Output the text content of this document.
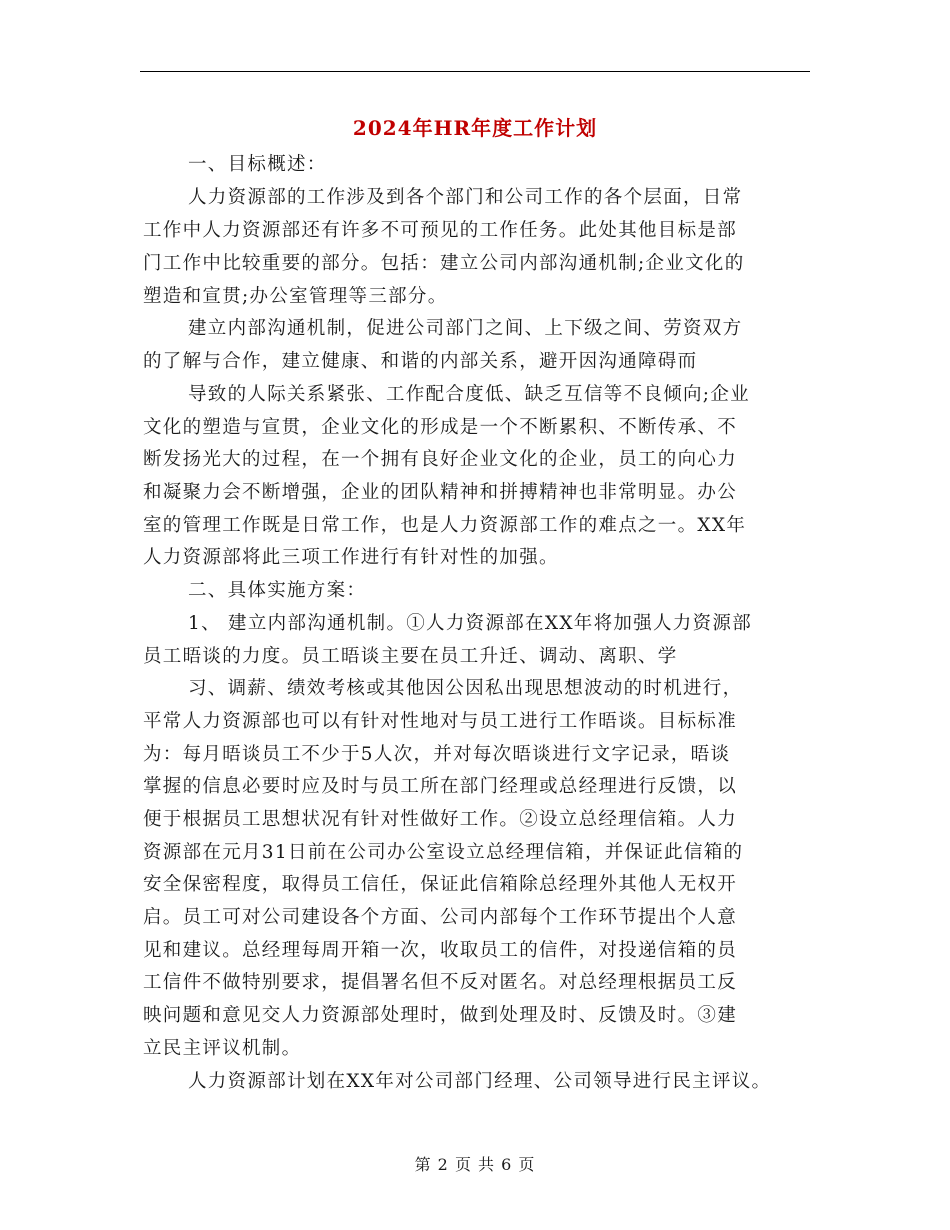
2024年HR年度工作计划
一、目标概述：
人力资源部的工作涉及到各个部门和公司工作的各个层面，日常
工作中人力资源部还有许多不可预见的工作任务。此处其他目标是部
门工作中比较重要的部分。包括：建立公司内部沟通机制;企业文化的
塑造和宣贯;办公室管理等三部分。
建立内部沟通机制，促进公司部门之间、上下级之间、劳资双方
的了解与合作，建立健康、和谐的内部关系，避开因沟通障碍而
导致的人际关系紧张、工作配合度低、缺乏互信等不良倾向;企业
文化的塑造与宣贯，企业文化的形成是一个不断累积、不断传承、不
断发扬光大的过程，在一个拥有良好企业文化的企业，员工的向心力
和凝聚力会不断增强，企业的团队精神和拼搏精神也非常明显。办公
室的管理工作既是日常工作，也是人力资源部工作的难点之一。XX年
人力资源部将此三项工作进行有针对性的加强。
二、具体实施方案：
1、 建立内部沟通机制。①人力资源部在XX年将加强人力资源部
员工晤谈的力度。员工晤谈主要在员工升迁、调动、离职、学
习、调薪、绩效考核或其他因公因私出现思想波动的时机进行，
平常人力资源部也可以有针对性地对与员工进行工作晤谈。目标标准
为：每月晤谈员工不少于5人次，并对每次晤谈进行文字记录，晤谈
掌握的信息必要时应及时与员工所在部门经理或总经理进行反馈，以
便于根据员工思想状况有针对性做好工作。②设立总经理信箱。人力
资源部在元月31日前在公司办公室设立总经理信箱，并保证此信箱的
安全保密程度，取得员工信任，保证此信箱除总经理外其他人无权开
启。员工可对公司建设各个方面、公司内部每个工作环节提出个人意
见和建议。总经理每周开箱一次，收取员工的信件，对投递信箱的员
工信件不做特别要求，提倡署名但不反对匿名。对总经理根据员工反
映问题和意见交人力资源部处理时，做到处理及时、反馈及时。③建
立民主评议机制。
人力资源部计划在XX年对公司部门经理、公司领导进行民主评议。
第 2 页 共 6 页
